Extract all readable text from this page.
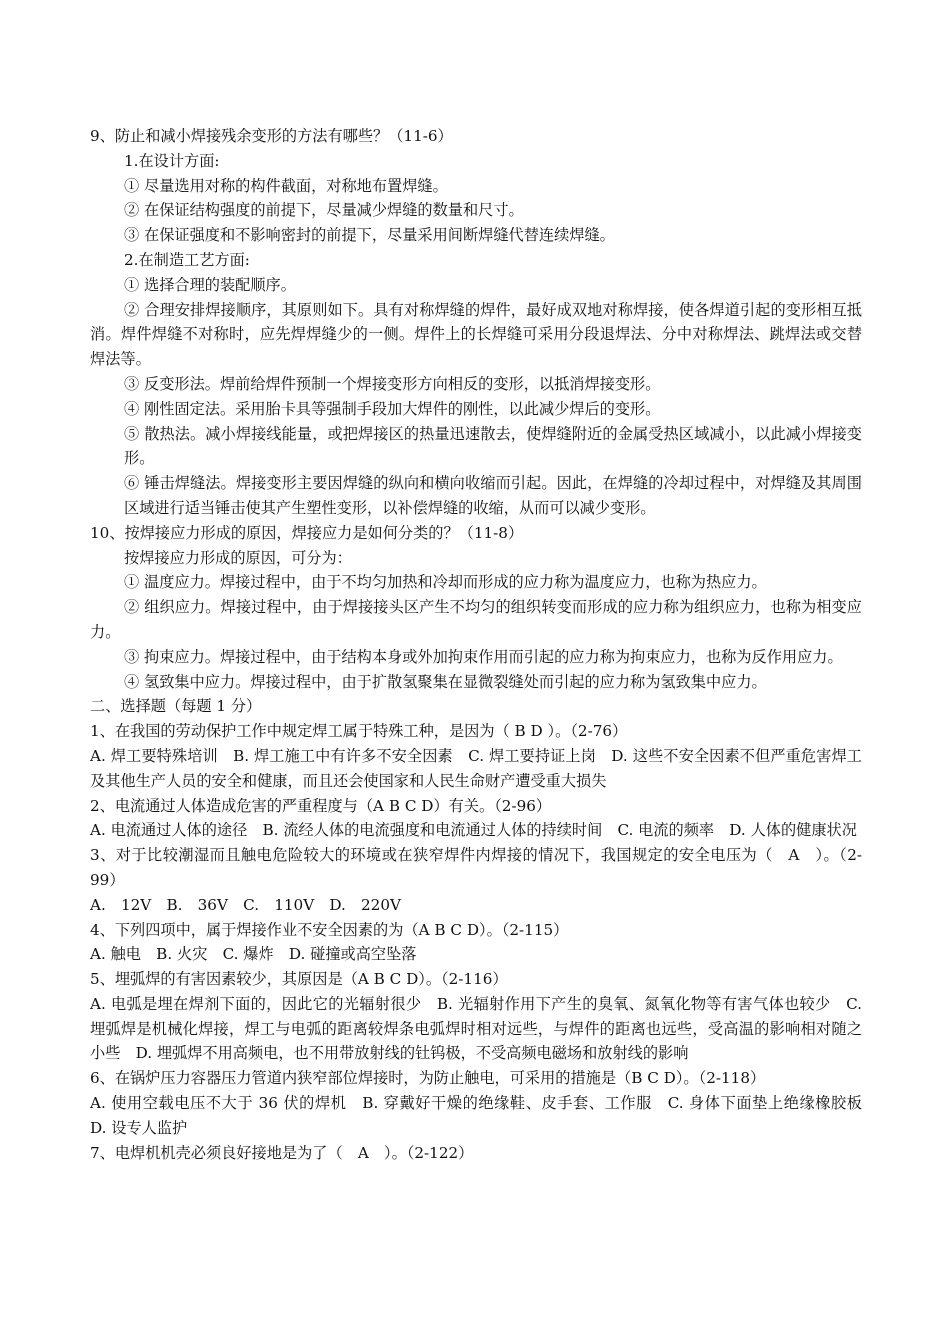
9、防止和减小焊接残余变形的方法有哪些？（11-6）

1.在设计方面:

① 尽量选用对称的构件截面，对称地布置焊缝。

② 在保证结构强度的前提下，尽量减少焊缝的数量和尺寸。

③ 在保证强度和不影响密封的前提下，尽量采用间断焊缝代替连续焊缝。

2.在制造工艺方面:

① 选择合理的装配顺序。

② 合理安排焊接顺序，其原则如下。具有对称焊缝的焊件，最好成双地对称焊接，使各焊道引起的变形相互抵消。焊件焊缝不对称时，应先焊焊缝少的一侧。焊件上的长焊缝可采用分段退焊法、分中对称焊法、跳焊法或交替焊法等。

③ 反变形法。焊前给焊件预制一个焊接变形方向相反的变形，以抵消焊接变形。

④ 刚性固定法。采用胎卡具等强制手段加大焊件的刚性，以此减少焊后的变形。

⑤ 散热法。减小焊接线能量，或把焊接区的热量迅速散去，使焊缝附近的金属受热区域减小，以此减小焊接变形。

⑥ 锤击焊缝法。焊接变形主要因焊缝的纵向和横向收缩而引起。因此，在焊缝的冷却过程中，对焊缝及其周围区域进行适当锤击使其产生塑性变形，以补偿焊缝的收缩，从而可以减少变形。

10、按焊接应力形成的原因，焊接应力是如何分类的？（11-8）

按焊接应力形成的原因，可分为：

① 温度应力。焊接过程中，由于不均匀加热和冷却而形成的应力称为温度应力，也称为热应力。

② 组织应力。焊接过程中，由于焊接接头区产生不均匀的组织转变而形成的应力称为组织应力，也称为相变应力。

③ 拘束应力。焊接过程中，由于结构本身或外加拘束作用而引起的应力称为拘束应力，也称为反作用应力。

④ 氢致集中应力。焊接过程中，由于扩散氢聚集在显微裂缝处而引起的应力称为氢致集中应力。

二、选择题（每题 1 分）

1、在我国的劳动保护工作中规定焊工属于特殊工种，是因为（ B D ）。（2-76）

A. 焊工要特殊培训　B. 焊工施工中有许多不安全因素　C. 焊工要持证上岗　D. 这些不安全因素不但严重危害焊工及其他生产人员的安全和健康，而且还会使国家和人民生命财产遭受重大损失

2、电流通过人体造成危害的严重程度与（A B C D）有关。（2-96）

A. 电流通过人体的途径　B. 流经人体的电流强度和电流通过人体的持续时间　C. 电流的频率　D. 人体的健康状况

3、对于比较潮湿而且触电危险较大的环境或在狭窄焊件内焊接的情况下，我国规定的安全电压为（　A　）。（2-99）

A.　12V　B.　36V　C.　110V　D.　220V

4、下列四项中，属于焊接作业不安全因素的为（A B C D）。（2-115）

A. 触电　B. 火灾　C. 爆炸　D. 碰撞或高空坠落

5、埋弧焊的有害因素较少，其原因是（A B C D）。（2-116）

A. 电弧是埋在焊剂下面的，因此它的光辐射很少　B. 光辐射作用下产生的臭氧、氮氧化物等有害气体也较少　C. 埋弧焊是机械化焊接，焊工与电弧的距离较焊条电弧焊时相对远些，与焊件的距离也远些，受高温的影响相对随之小些　D. 埋弧焊不用高频电，也不用带放射线的钍钨极，不受高频电磁场和放射线的影响

6、在锅炉压力容器压力管道内狭窄部位焊接时，为防止触电，可采用的措施是（B C D）。（2-118）

A. 使用空载电压不大于 36 伏的焊机　B. 穿戴好干燥的绝缘鞋、皮手套、工作服　C. 身体下面垫上绝缘橡胶板　D. 设专人监护

7、电焊机机壳必须良好接地是为了（　A　）。（2-122）
